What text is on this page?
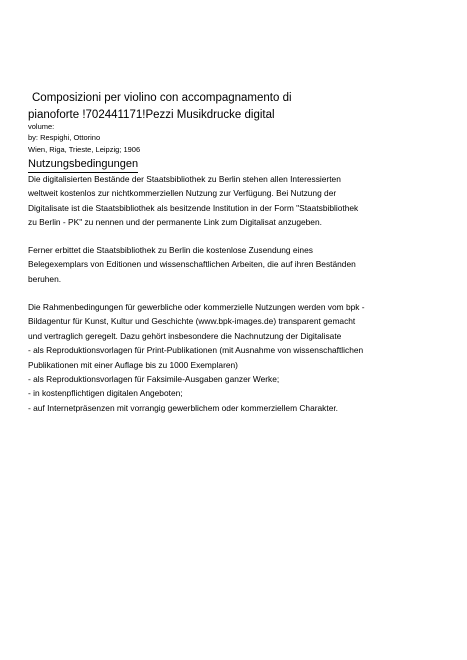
Composizioni per violino con accompagnamento di
pianoforte !702441171!Pezzi Musikdrucke digital

volume:

by: Respighi, Ottorino

Wien, Riga, Trieste, Leipzig; 1906

Nutzungsbedingungen
Die digitalisierten Bestände der Staatsbibliothek zu Berlin stehen allen Interessierten
weltweit kostenlos zur nichtkommerziellen Nutzung zur Verfügung. Bei Nutzung der
Digitalisate ist die Staatsbibliothek als besitzende Institution in der Form "Staatsbibliothek
zu Berlin - PK" zu nennen und der permanente Link zum Digitalisat anzugeben.
Ferner erbittet die Staatsbibliothek zu Berlin die kostenlose Zusendung eines
Belegexemplars von Editionen und wissenschaftlichen Arbeiten, die auf ihren Beständen
beruhen.
Die Rahmenbedingungen für gewerbliche oder kommerzielle Nutzungen werden vom bpk -
Bildagentur für Kunst, Kultur und Geschichte (www.bpk-images.de) transparent gemacht
und vertraglich geregelt. Dazu gehört insbesondere die Nachnutzung der Digitalisate
- als Reproduktionsvorlagen für Print-Publikationen (mit Ausnahme von wissenschaftlichen
Publikationen mit einer Auflage bis zu 1000 Exemplaren)
- als Reproduktionsvorlagen für Faksimile-Ausgaben ganzer Werke;
- in kostenpflichtigen digitalen Angeboten;
- auf Internetpräsenzen mit vorrangig gewerblichem oder kommerziellem Charakter.
